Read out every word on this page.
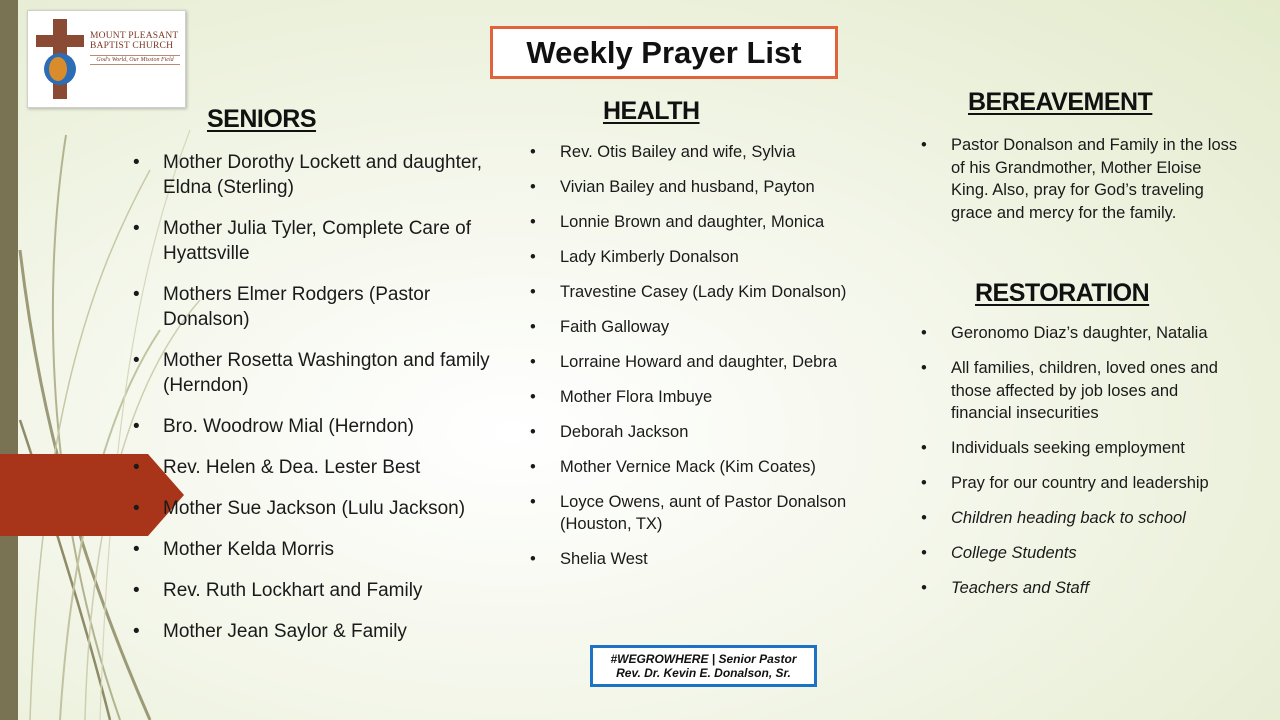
MOUNT PLEASANT
BAPTIST CHURCH
God's World, Our Mission Field	Weekly Prayer List
SENIORS
• Mother Dorothy Lockett and daughter, Eldna (Sterling)
• Mother Julia Tyler, Complete Care of Hyattsville
• Mothers Elmer Rodgers (Pastor Donalson)
• Mother Rosetta Washington and family (Herndon)
• Bro. Woodrow Mial (Herndon)
• Rev. Helen & Dea. Lester Best
• Mother Sue Jackson (Lulu Jackson)
• Mother Kelda Morris
• Rev. Ruth Lockhart and Family
• Mother Jean Saylor & Family
HEALTH
• Rev. Otis Bailey and wife, Sylvia
• Vivian Bailey and husband, Payton
• Lonnie Brown and daughter, Monica
• Lady Kimberly Donalson
• Travestine Casey (Lady Kim Donalson)
• Faith Galloway
• Lorraine Howard and daughter, Debra
• Mother Flora Imbuye
• Deborah Jackson
• Mother Vernice Mack (Kim Coates)
• Loyce Owens, aunt of Pastor Donalson (Houston, TX)
• Shelia West
BEREAVEMENT
• Pastor Donalson and Family in the loss of his Grandmother, Mother Eloise King. Also, pray for God’s traveling grace and mercy for the family.
RESTORATION
• Geronomo Diaz’s daughter, Natalia
• All families, children, loved ones and those affected by job loses and financial insecurities
• Individuals seeking employment
• Pray for our country and leadership
• Children heading back to school
• College Students
• Teachers and Staff
#WEGROWHERE | Senior Pastor
Rev. Dr. Kevin E. Donalson, Sr.
